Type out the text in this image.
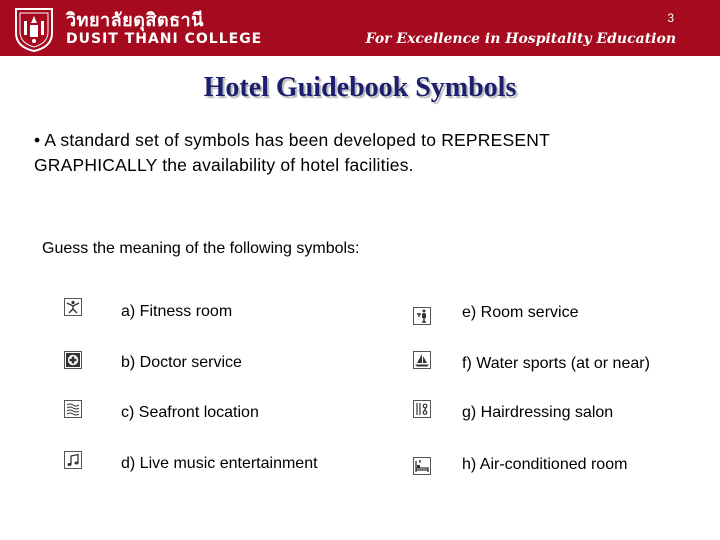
วิทยาลัยดุสิตธานี
DUSIT THANI COLLEGE
3
For Excellence in Hospitality Education
Hotel Guidebook Symbols
• A standard set of symbols has been developed to REPRESENT GRAPHICALLY the availability of hotel facilities.
Guess the meaning of the following symbols:
a) Fitness room
b) Doctor service
c) Seafront location
d) Live music entertainment
e) Room service
f) Water sports (at or near)
g) Hairdressing salon
h) Air-conditioned room
